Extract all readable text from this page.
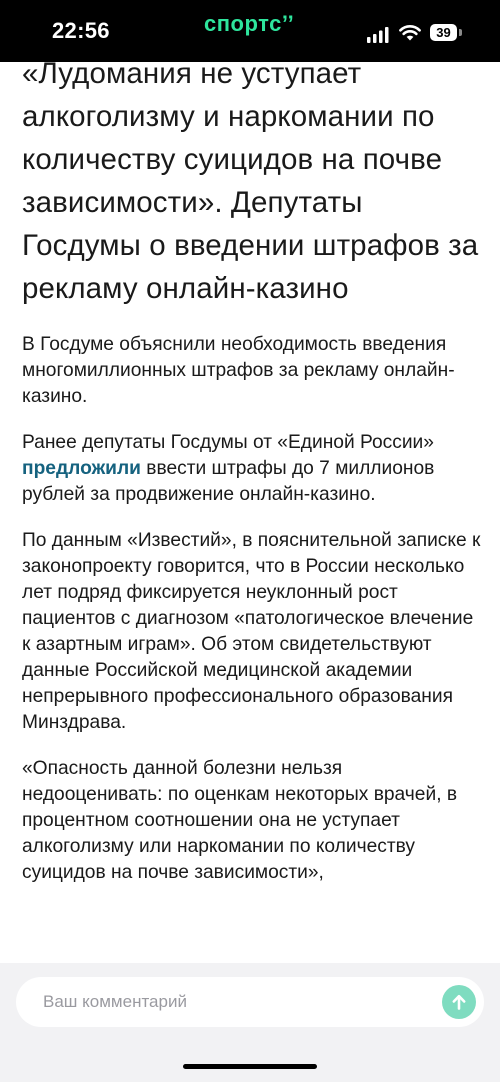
22:56	спортс’’	39
«Лудомания не уступает алкоголизму и наркомании по количеству суицидов на почве зависимости». Депутаты Госдумы о введении штрафов за рекламу онлайн-казино

В Госдуме объяснили необходимость введения многомиллионных штрафов за рекламу онлайн-казино.

Ранее депутаты Госдумы от «Единой России» предложили ввести штрафы до 7 миллионов рублей за продвижение онлайн-казино.

По данным «Известий», в пояснительной записке к законопроекту говорится, что в России несколько лет подряд фиксируется неуклонный рост пациентов с диагнозом «патологическое влечение к азартным играм». Об этом свидетельствуют данные Российской медицинской академии непрерывного профессионального образования Минздрава.

«Опасность данной болезни нельзя недооценивать: по оценкам некоторых врачей, в процентном соотношении она не уступает алкоголизму или наркомании по количеству суицидов на почве зависимости»,

Ваш комментарий
